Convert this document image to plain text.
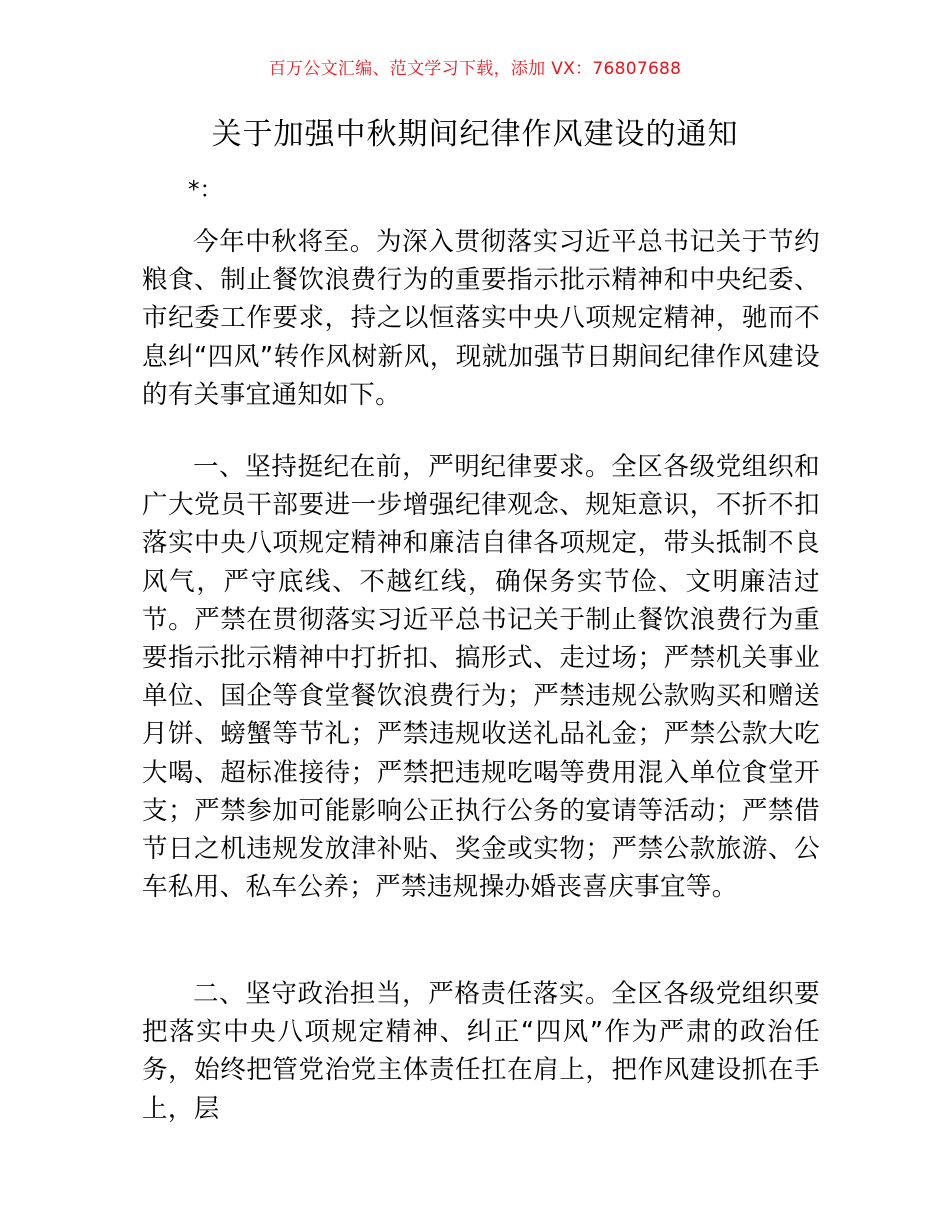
百万公文汇编、范文学习下载，添加 VX：76807688
关于加强中秋期间纪律作风建设的通知
*：

今年中秋将至。为深入贯彻落实习近平总书记关于节约粮食、制止餐饮浪费行为的重要指示批示精神和中央纪委、市纪委工作要求，持之以恒落实中央八项规定精神，驰而不息纠“四风”转作风树新风，现就加强节日期间纪律作风建设的有关事宜通知如下。

一、坚持挺纪在前，严明纪律要求。全区各级党组织和广大党员干部要进一步增强纪律观念、规矩意识，不折不扣落实中央八项规定精神和廉洁自律各项规定，带头抵制不良风气，严守底线、不越红线，确保务实节俭、文明廉洁过节。严禁在贯彻落实习近平总书记关于制止餐饮浪费行为重要指示批示精神中打折扣、搞形式、走过场；严禁机关事业单位、国企等食堂餐饮浪费行为；严禁违规公款购买和赠送月饼、螃蟹等节礼；严禁违规收送礼品礼金；严禁公款大吃大喝、超标准接待；严禁把违规吃喝等费用混入单位食堂开支；严禁参加可能影响公正执行公务的宴请等活动；严禁借节日之机违规发放津补贴、奖金或实物；严禁公款旅游、公车私用、私车公养；严禁违规操办婚丧喜庆事宜等。

二、坚守政治担当，严格责任落实。全区各级党组织要把落实中央八项规定精神、纠正“四风”作为严肃的政治任务，始终把管党治党主体责任扛在肩上，把作风建设抓在手上，层
